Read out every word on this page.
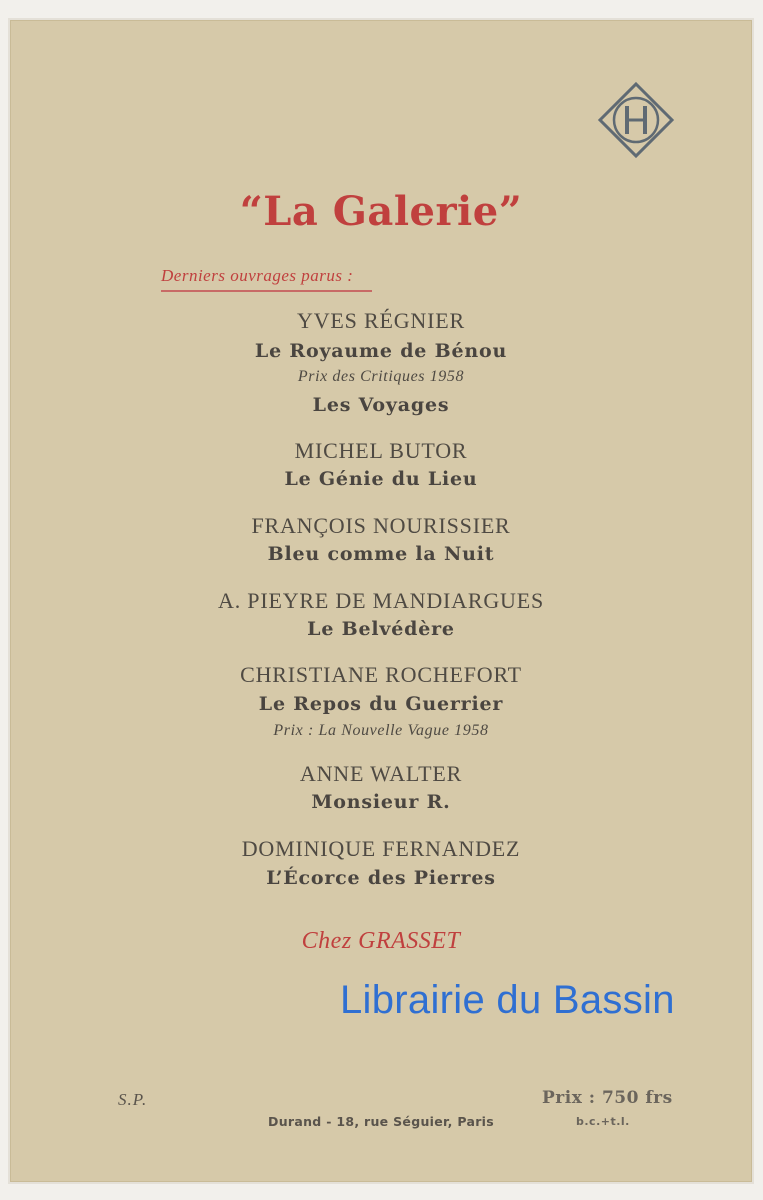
“La Galerie”
Derniers ouvrages parus :
YVES RÉGNIER
Le Royaume de Bénou
Prix des Critiques 1958
Les Voyages
MICHEL BUTOR
Le Génie du Lieu
FRANÇOIS NOURISSIER
Bleu comme la Nuit
A. PIEYRE DE MANDIARGUES
Le Belvédère
CHRISTIANE ROCHEFORT
Le Repos du Guerrier
Prix : La Nouvelle Vague 1958
ANNE WALTER
Monsieur R.
DOMINIQUE FERNANDEZ
L’Écorce des Pierres
Chez GRASSET
S.P.
Durand - 18, rue Séguier, Paris
Prix : 750 frs
b.c.+t.l.
Librairie du Bassin
